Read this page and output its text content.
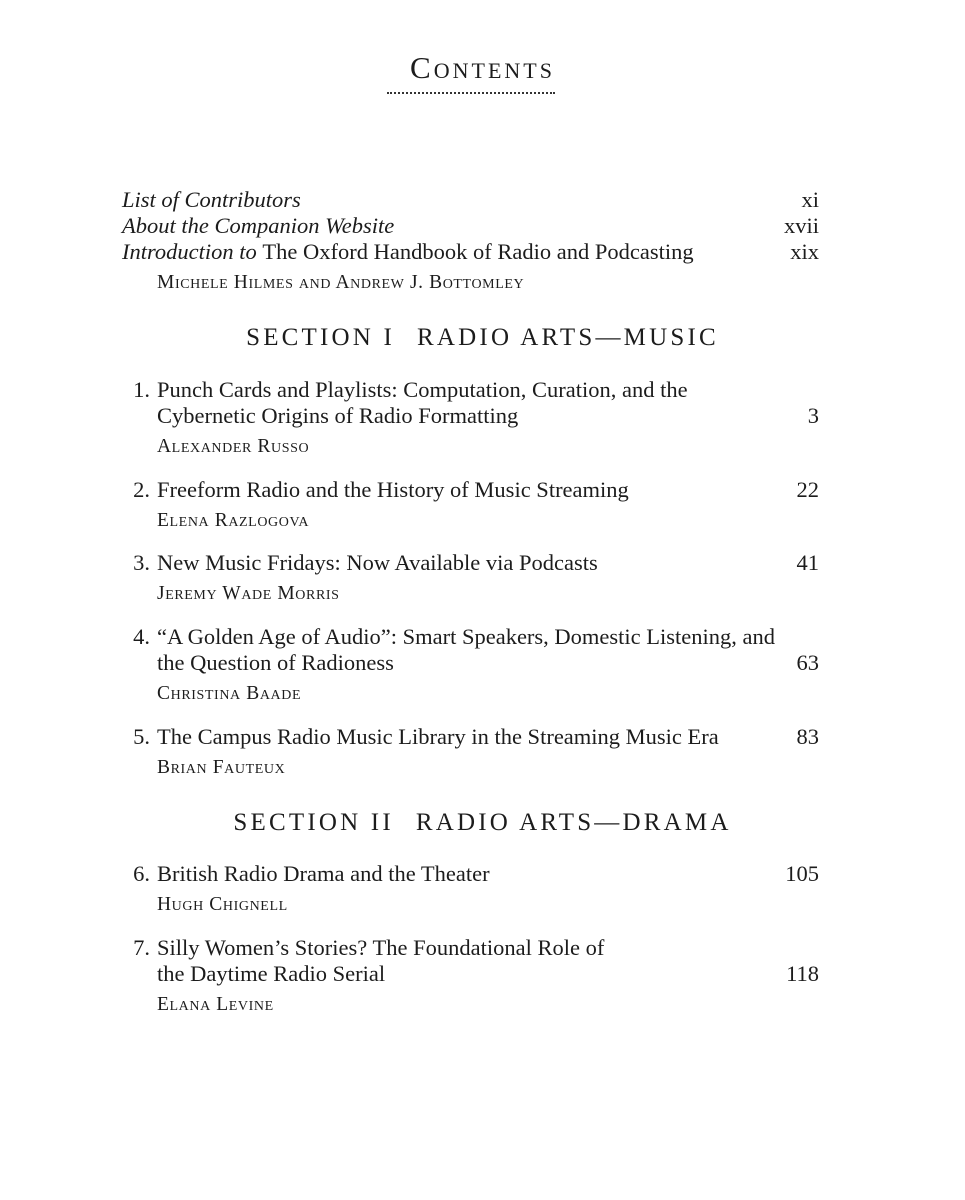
Contents
List of Contributors	xi
About the Companion Website	xvii
Introduction to The Oxford Handbook of Radio and Podcasting	xix
Michele Hilmes and Andrew J. Bottomley
SECTION I RADIO ARTS—MUSIC
1. Punch Cards and Playlists: Computation, Curation, and the
Cybernetic Origins of Radio Formatting	3
Alexander Russo
2. Freeform Radio and the History of Music Streaming	22
Elena Razlogova
3. New Music Fridays: Now Available via Podcasts	41
Jeremy Wade Morris
4. “A Golden Age of Audio”: Smart Speakers, Domestic Listening, and
the Question of Radioness	63
Christina Baade
5. The Campus Radio Music Library in the Streaming Music Era	83
Brian Fauteux
SECTION II RADIO ARTS—DRAMA
6. British Radio Drama and the Theater	105
Hugh Chignell
7. Silly Women’s Stories? The Foundational Role of
the Daytime Radio Serial	118
Elana Levine
